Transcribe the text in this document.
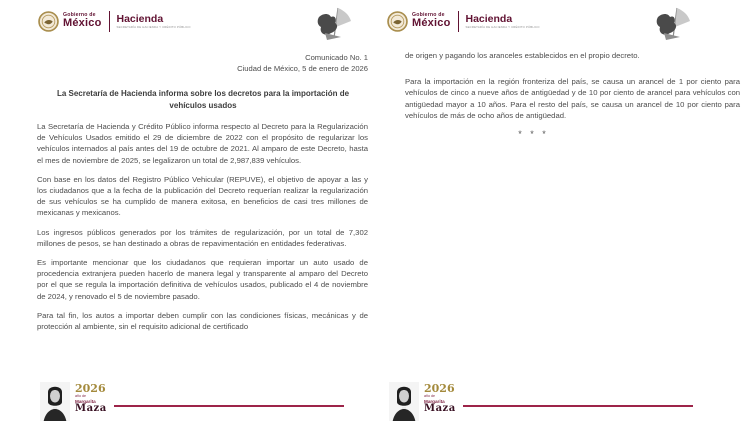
Gobierno de
México Hacienda
SECRETARÍA DE HACIENDA Y CRÉDITO PÚBLICO
Comunicado No. 1
Ciudad de México, 5 de enero de 2026
La Secretaría de Hacienda informa sobre los decretos para la importación de vehículos usados

La Secretaría de Hacienda y Crédito Público informa respecto al Decreto para la Regularización de Vehículos Usados emitido el 29 de diciembre de 2022 con el propósito de regularizar los vehículos internados al país antes del 19 de octubre de 2021. Al amparo de este Decreto, hasta el mes de noviembre de 2025, se legalizaron un total de 2,987,839 vehículos.

Con base en los datos del Registro Público Vehicular (REPUVE), el objetivo de apoyar a las y los ciudadanos que a la fecha de la publicación del Decreto requerían realizar la regularización de sus vehículos se ha cumplido de manera exitosa, en beneficios de casi tres millones de mexicanas y mexicanos.

Los ingresos públicos generados por los trámites de regularización, por un total de 7,302 millones de pesos, se han destinado a obras de repavimentación en entidades federativas.

Es importante mencionar que los ciudadanos que requieran importar un auto usado de procedencia extranjera pueden hacerlo de manera legal y transparente al amparo del Decreto por el que se regula la importación definitiva de vehículos usados, publicado el 4 de noviembre de 2024, y renovado el 5 de noviembre pasado.

Para tal fin, los autos a importar deben cumplir con las condiciones físicas, mecánicas y de protección al ambiente, sin el requisito adicional de certificado

2026
año de
Margarita
Maza
Gobierno de
México Hacienda
SECRETARÍA DE HACIENDA Y CRÉDITO PÚBLICO

de origen y pagando los aranceles establecidos en el propio decreto.

Para la importación en la región fronteriza del país, se causa un arancel de 1 por ciento para vehículos de cinco a nueve años de antigüedad y de 10 por ciento de arancel para vehículos con antigüedad mayor a 10 años. Para el resto del país, se causa un arancel de 10 por ciento para vehículos de más de ocho años de antigüedad.

* * *
2026
año de
Margarita
Maza
